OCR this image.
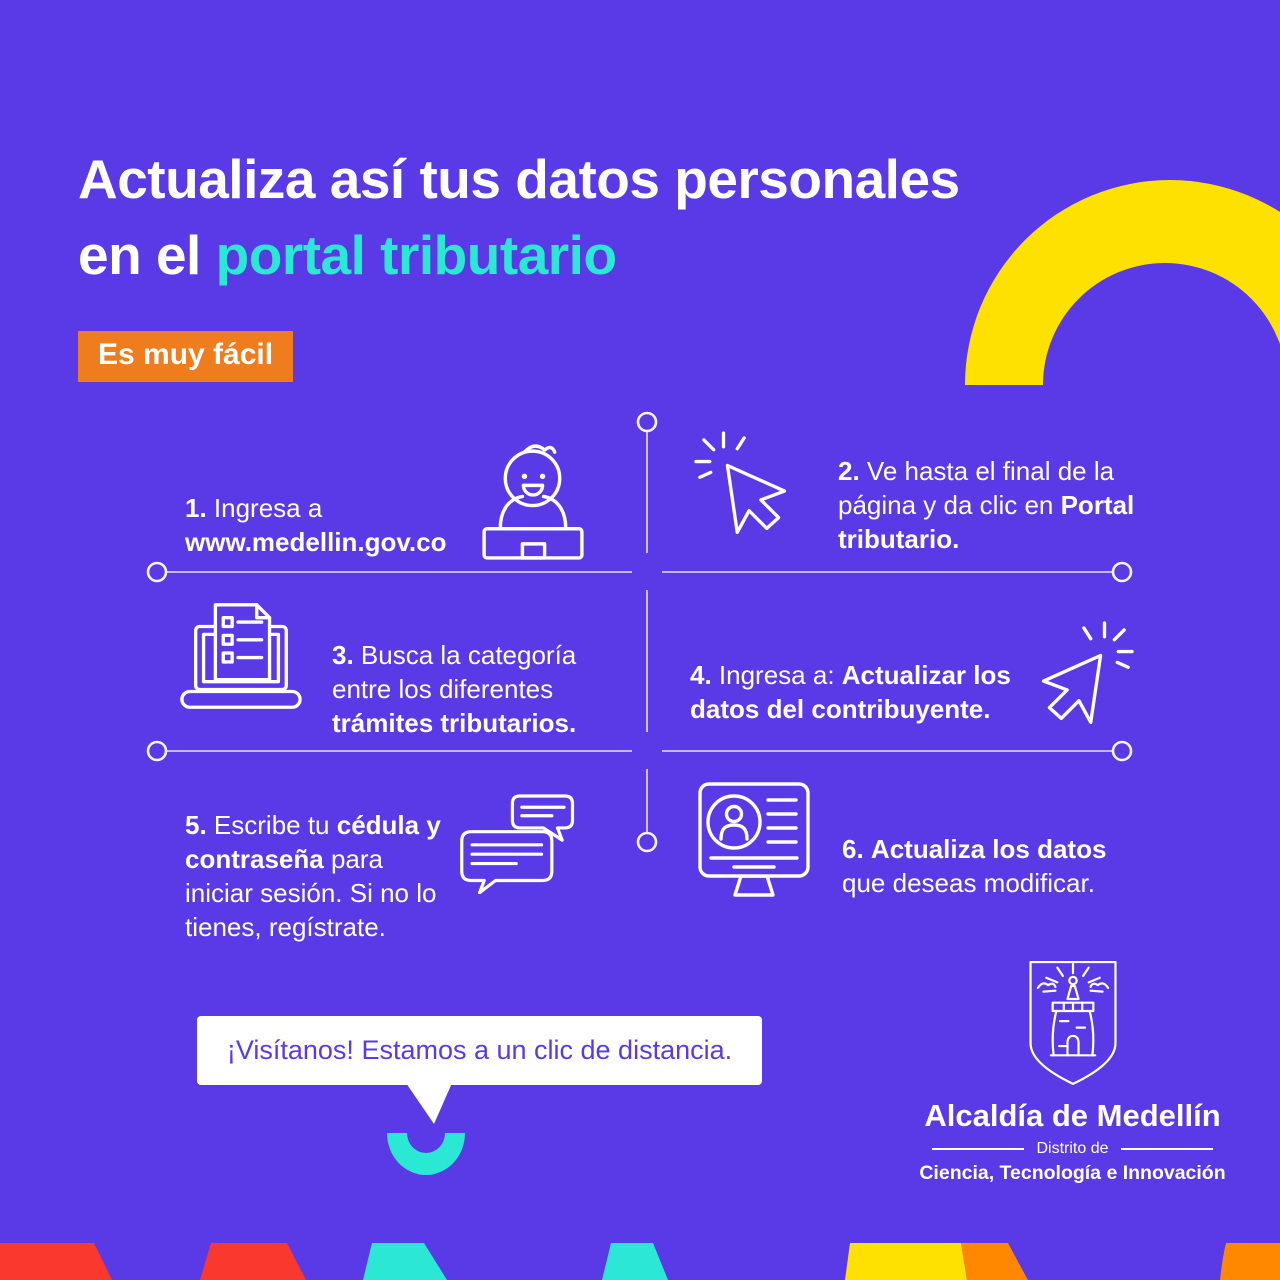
Actualiza así tus datos personales
en el portal tributario
Es muy fácil

1. Ingresa a www.medellin.gov.co

2. Ve hasta el final de la página y da clic en Portal tributario.

3. Busca la categoría entre los diferentes trámites tributarios.

4. Ingresa a: Actualizar los datos del contribuyente.

5. Escribe tu cédula y contraseña para iniciar sesión. Si no lo tienes, regístrate.

6. Actualiza los datos que deseas modificar.

¡Visítanos! Estamos a un clic de distancia.
Alcaldía de Medellín
Distrito de
Ciencia, Tecnología e Innovación
